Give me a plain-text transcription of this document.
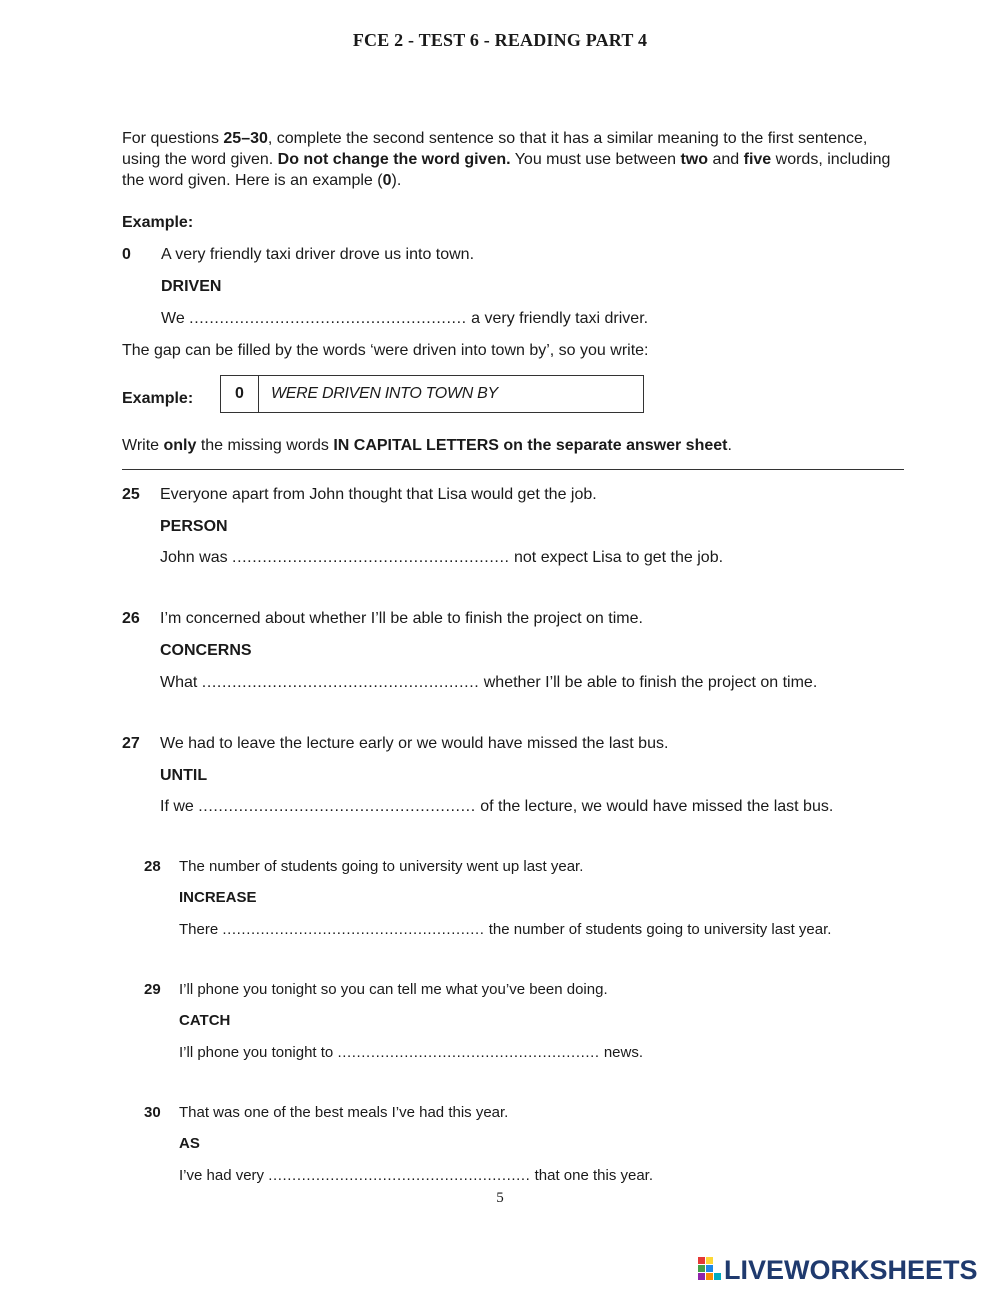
FCE 2 - TEST 6 - READING PART 4
For questions 25–30, complete the second sentence so that it has a similar meaning to the first sentence, using the word given. Do not change the word given. You must use between two and five words, including the word given. Here is an example (0).
Example:
0 A very friendly taxi driver drove us into town.
DRIVEN
We ....................................................... a very friendly taxi driver.
The gap can be filled by the words ‘were driven into town by’, so you write:
Example:	0	WERE DRIVEN INTO TOWN BY
Write only the missing words IN CAPITAL LETTERS on the separate answer sheet.
25 Everyone apart from John thought that Lisa would get the job.
PERSON
John was ....................................................... not expect Lisa to get the job.
26 I’m concerned about whether I’ll be able to finish the project on time.
CONCERNS
What ....................................................... whether I’ll be able to finish the project on time.
27 We had to leave the lecture early or we would have missed the last bus.
UNTIL
If we ....................................................... of the lecture, we would have missed the last bus.
28 The number of students going to university went up last year.
INCREASE
There ....................................................... the number of students going to university last year.
29 I’ll phone you tonight so you can tell me what you’ve been doing.
CATCH
I’ll phone you tonight to ....................................................... news.
30 That was one of the best meals I’ve had this year.
AS
I’ve had very ....................................................... that one this year.
5
LIVEWORKSHEETS
